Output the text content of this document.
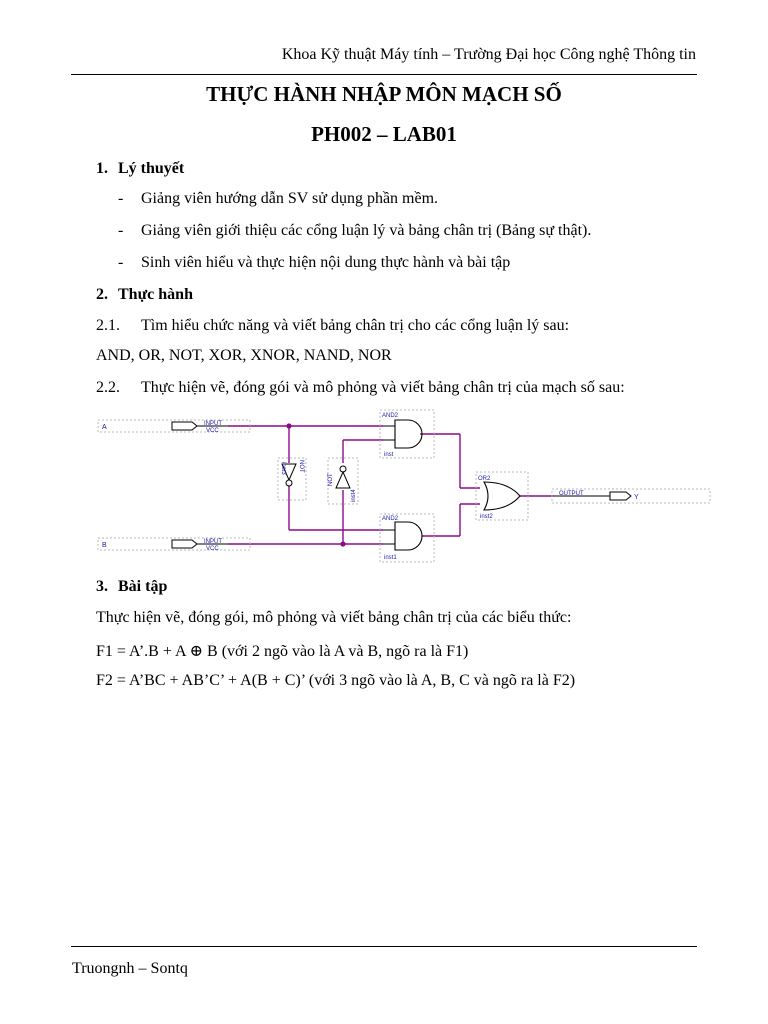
Khoa Kỹ thuật Máy tính – Trường Đại học Công nghệ Thông tin
THỰC HÀNH NHẬP MÔN MẠCH SỐ
PH002 – LAB01
1. Lý thuyết
- Giảng viên hướng dẫn SV sử dụng phần mềm.
- Giảng viên giới thiệu các cổng luận lý và bảng chân trị (Bảng sự thật).
- Sinh viên hiểu và thực hiện nội dung thực hành và bài tập
2. Thực hành
2.1. Tìm hiểu chức năng và viết bảng chân trị cho các cổng luận lý sau:
AND, OR, NOT, XOR, XNOR, NAND, NOR
2.2. Thực hiện vẽ, đóng gói và mô phỏng và viết bảng chân trị của mạch số sau:
A	INPUT
VCC
B	INPUT
VCC
NOT
inst3
NOT
inst4
AND2
inst
AND2
inst1
OR2
inst2
OUTPUT	Y
3. Bài tập
Thực hiện vẽ, đóng gói, mô phỏng và viết bảng chân trị của các biểu thức:
F1 = A’.B + A ⊕ B (với 2 ngõ vào là A và B, ngõ ra là F1)
F2 = A’BC + AB’C’ + A(B + C)’ (với 3 ngõ vào là A, B, C và ngõ ra là F2)
Truongnh – Sontq
